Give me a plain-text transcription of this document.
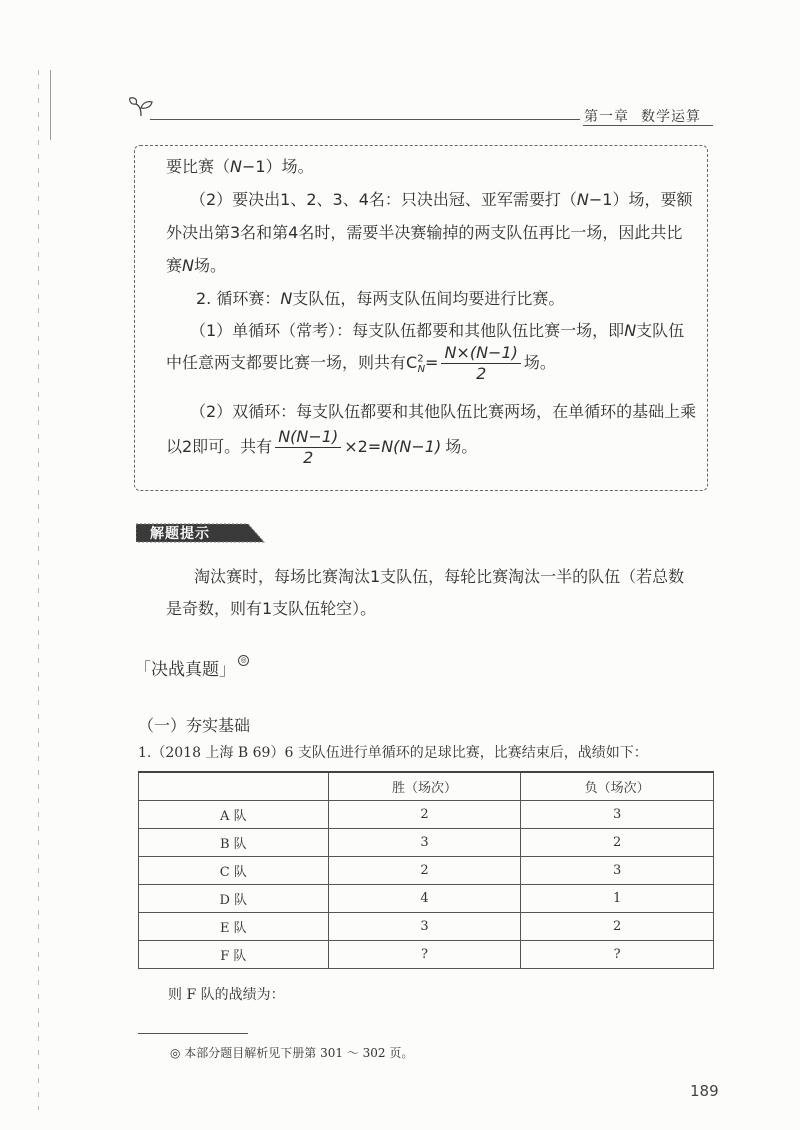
第一章 数学运算
要比赛（N−1）场。
（2）要决出1、2、3、4名：只决出冠、亚军需要打（N−1）场，要额
外决出第3名和第4名时，需要半决赛输掉的两支队伍再比一场，因此共比
赛N场。
2. 循环赛：N支队伍，每两支队伍间均要进行比赛。
（1）单循环（常考）：每支队伍都要和其他队伍比赛一场，即N支队伍
中任意两支都要比赛一场，则共有$C^2_N= \frac{N\times(N-1)}{2}$ 场。
（2）双循环：每支队伍都要和其他队伍比赛两场，在单循环的基础上乘
以2即可。共有 $\frac{N(N-1)}{2} \times 2=N(N-1)$ 场。
解题提示
淘汰赛时，每场比赛淘汰1支队伍，每轮比赛淘汰一半的队伍（若总数
是奇数，则有1支队伍轮空）。
「决战真题」 ◎
（一）夯实基础
1.（2018 上海 B 69）6 支队伍进行单循环的足球比赛，比赛结束后，战绩如下：
	胜（场次）	负（场次）
A 队	2	3
B 队	3	2
C 队	2	3
D 队	4	1
E 队	3	2
F 队	?	?
则 F 队的战绩为：
◎ 本部分题目解析见下册第 301 ～ 302 页。
189
